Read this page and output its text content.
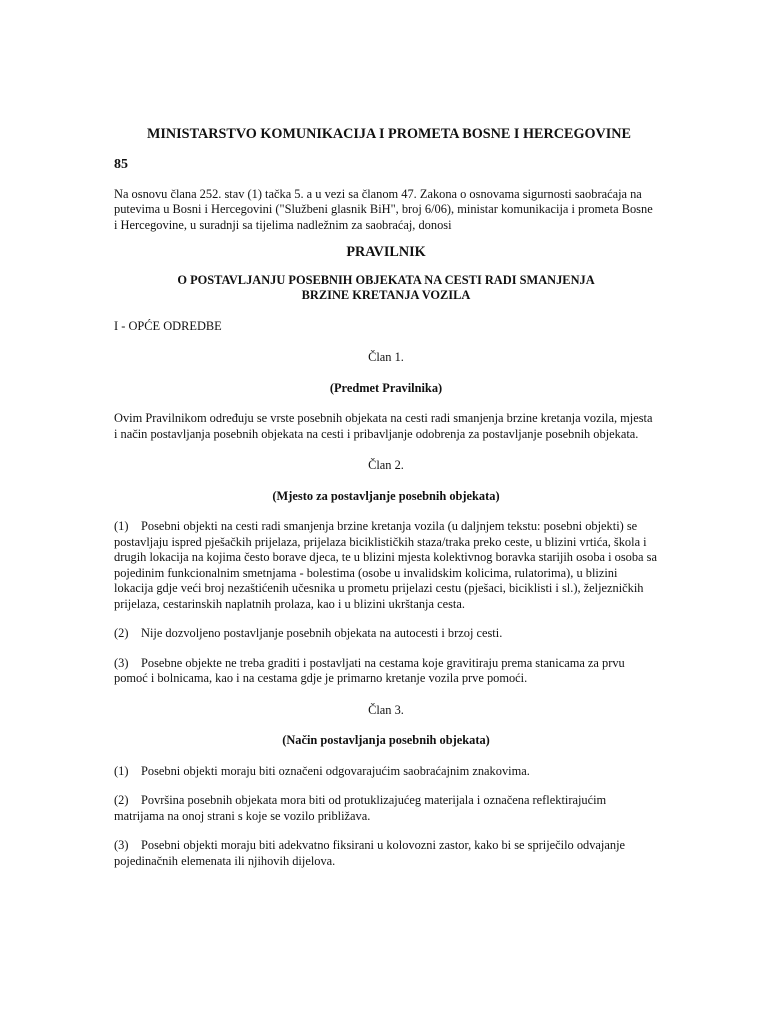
MINISTARSTVO KOMUNIKACIJA I PROMETA BOSNE I HERCEGOVINE
85

Na osnovu člana 252. stav (1) tačka 5. a u vezi sa članom 47. Zakona o osnovama sigurnosti saobraćaja na putevima u Bosni i Hercegovini ("Službeni glasnik BiH", broj 6/06), ministar komunikacija i prometa Bosne i Hercegovine, u suradnji sa tijelima nadležnim za saobraćaj, donosi

PRAVILNIK
O POSTAVLJANJU POSEBNIH OBJEKATA NA CESTI RADI SMANJENJA BRZINE KRETANJA VOZILA
I - OPĆE ODREDBE
Član 1.
(Predmet Pravilnika)

Ovim Pravilnikom određuju se vrste posebnih objekata na cesti radi smanjenja brzine kretanja vozila, mjesta i način postavljanja posebnih objekata na cesti i pribavljanje odobrenja za postavljanje posebnih objekata.

Član 2.
(Mjesto za postavljanje posebnih objekata)

(1) Posebni objekti na cesti radi smanjenja brzine kretanja vozila (u daljnjem tekstu: posebni objekti) se postavljaju ispred pješačkih prijelaza, prijelaza biciklističkih staza/traka preko ceste, u blizini vrtića, škola i drugih lokacija na kojima često borave djeca, te u blizini mjesta kolektivnog boravka starijih osoba i osoba sa pojedinim funkcionalnim smetnjama - bolestima (osobe u invalidskim kolicima, rulatorima), u blizini lokacija gdje veći broj nezaštićenih učesnika u prometu prijelazi cestu (pješaci, biciklisti i sl.), željezničkih prijelaza, cestarinskih naplatnih prolaza, kao i u blizini ukrštanja cesta.

(2) Nije dozvoljeno postavljanje posebnih objekata na autocesti i brzoj cesti.

(3) Posebne objekte ne treba graditi i postavljati na cestama koje gravitiraju prema stanicama za prvu pomoć i bolnicama, kao i na cestama gdje je primarno kretanje vozila prve pomoći.

Član 3.
(Način postavljanja posebnih objekata)

(1) Posebni objekti moraju biti označeni odgovarajućim saobraćajnim znakovima.

(2) Površina posebnih objekata mora biti od protuklizajućeg materijala i označena reflektirajućim matrijama na onoj strani s koje se vozilo približava.

(3) Posebni objekti moraju biti adekvatno fiksirani u kolovozni zastor, kako bi se spriječilo odvajanje pojedinačnih elemenata ili njihovih dijelova.
